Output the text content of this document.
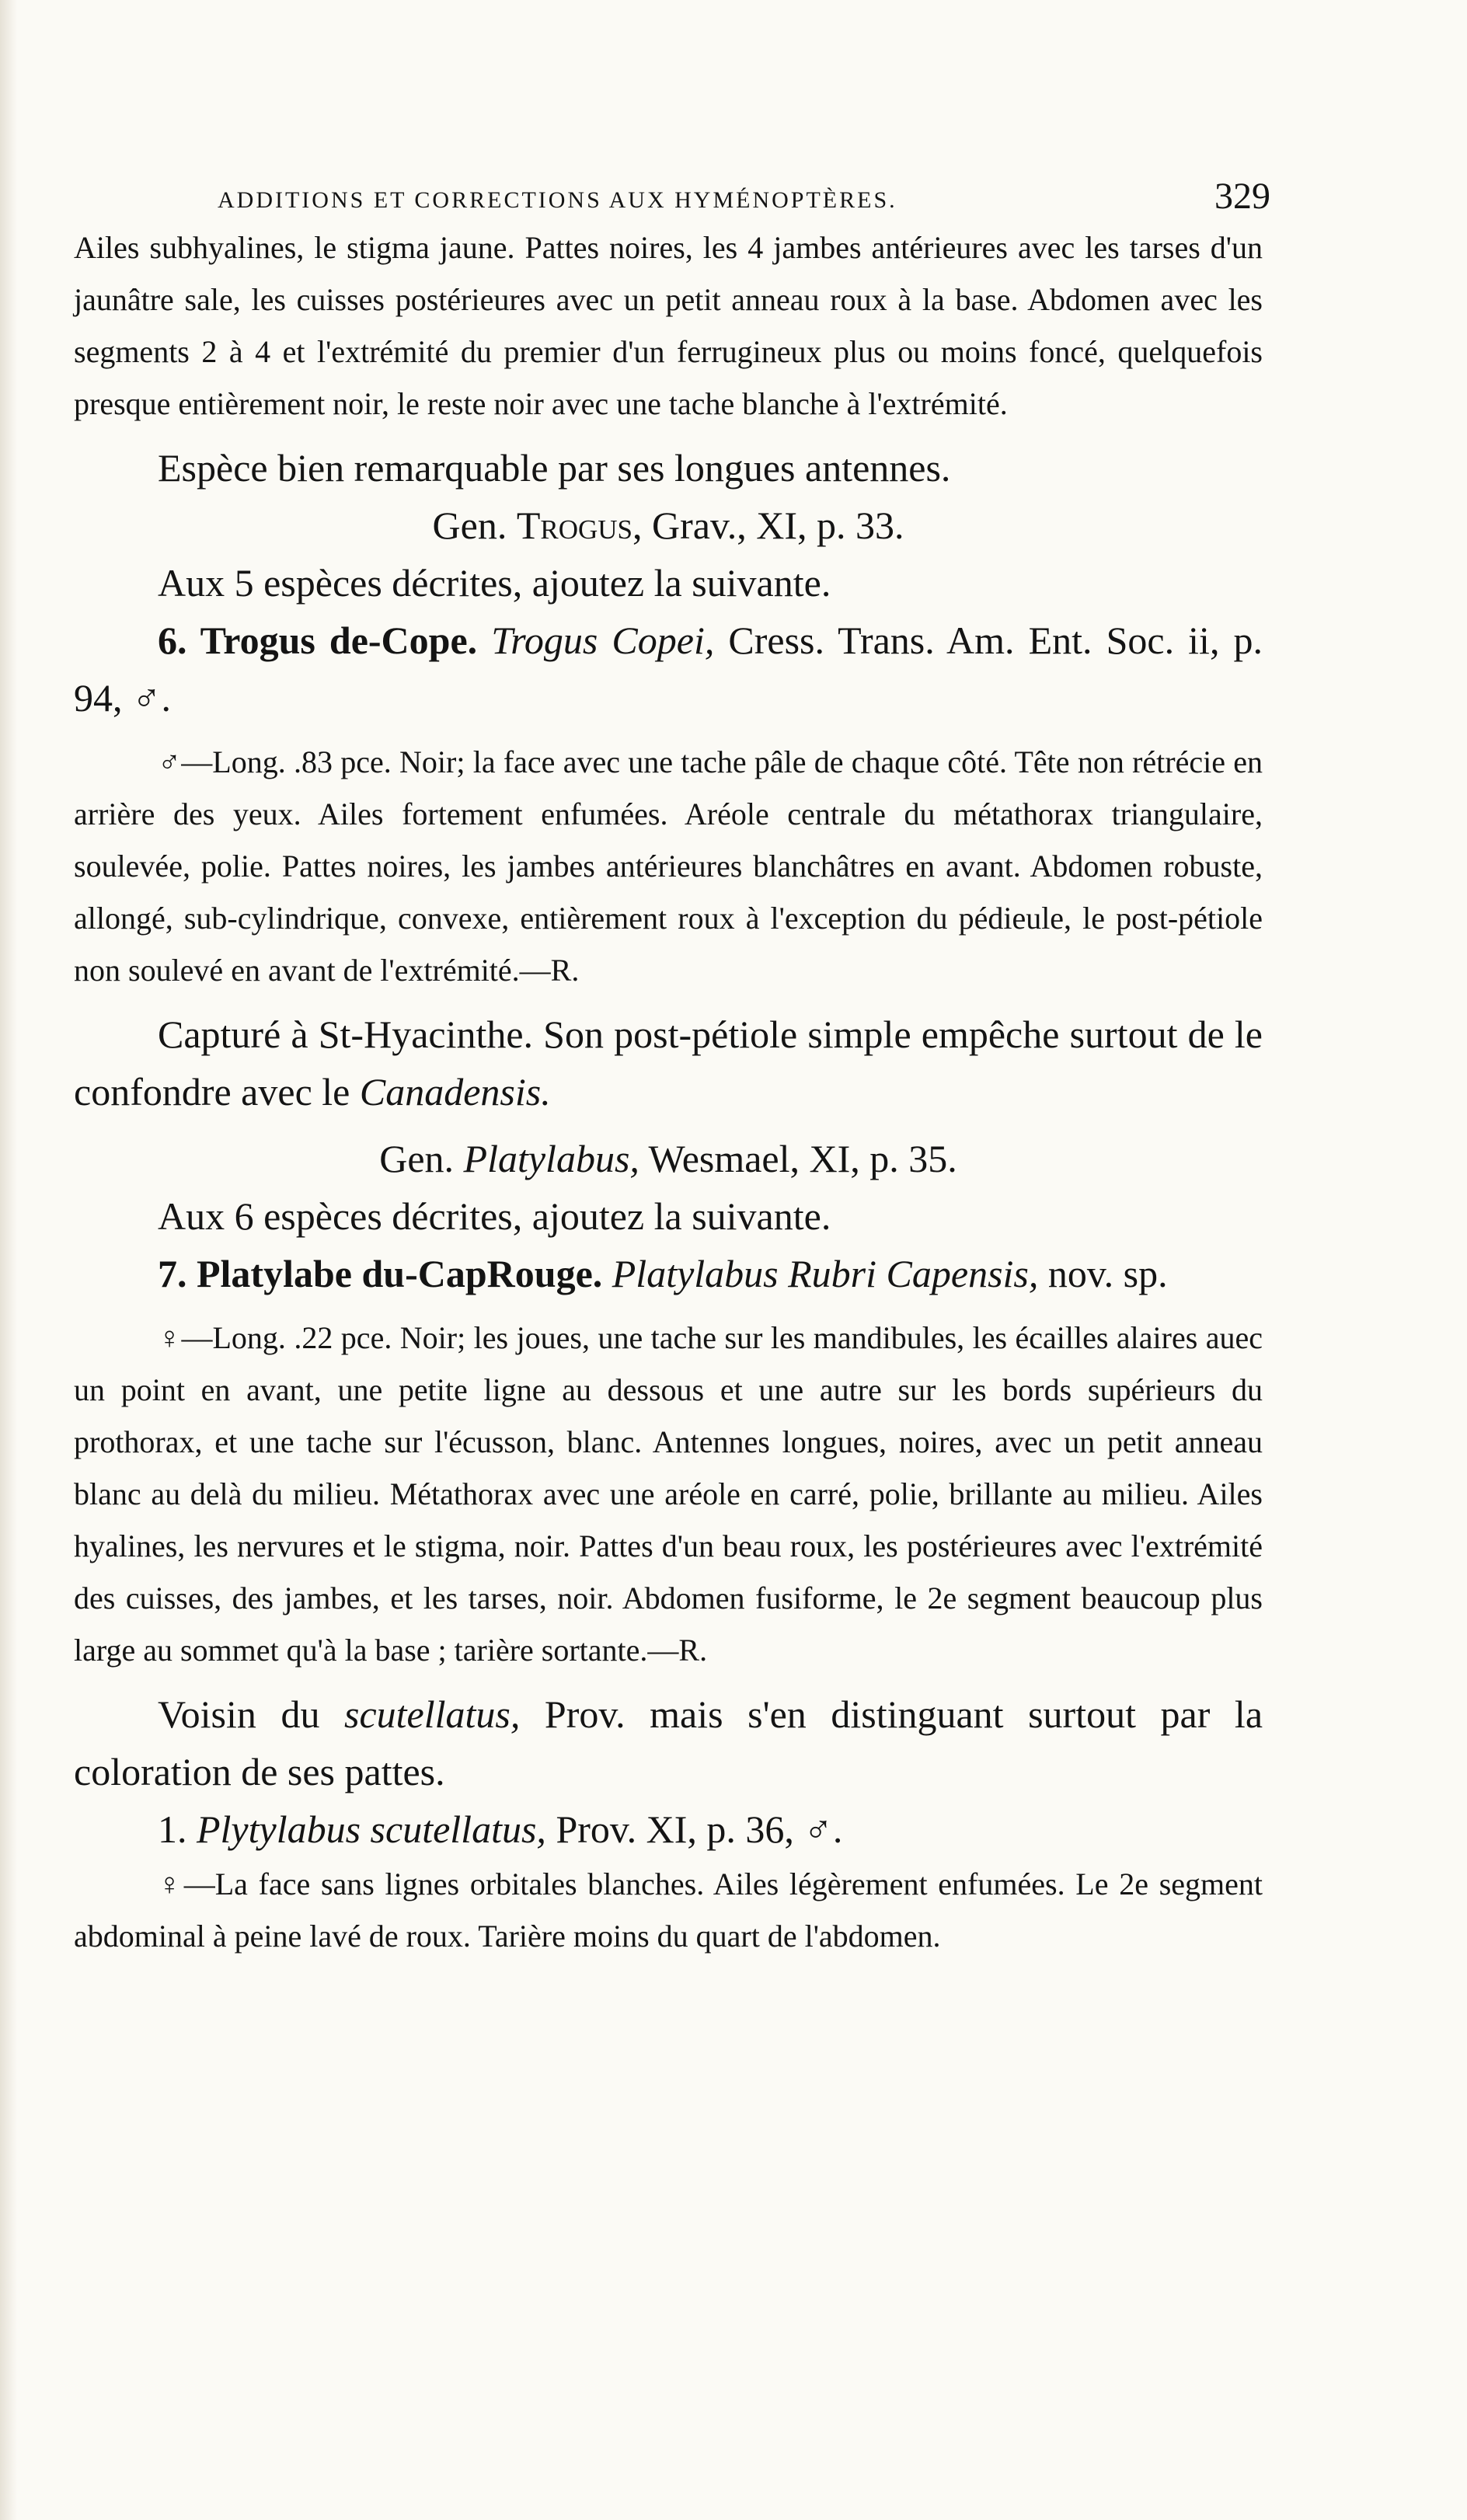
ADDITIONS ET CORRECTIONS AUX HYMÉNOPTÈRES.	329

Ailes subhyalines, le stigma jaune. Pattes noires, les 4 jambes antérieures avec les tarses d'un jaunâtre sale, les cuisses postérieures avec un petit anneau roux à la base. Abdomen avec les segments 2 à 4 et l'extrémité du premier d'un ferrugineux plus ou moins foncé, quelquefois presque entièrement noir, le reste noir avec une tache blanche à l'extrémité.

Espèce bien remarquable par ses longues antennes.

Gen. Trogus, Grav., XI, p. 33.

Aux 5 espèces décrites, ajoutez la suivante.

6. Trogus de-Cope. Trogus Copei, Cress. Trans. Am. Ent. Soc. ii, p. 94, ♂.

♂—Long. .83 pce. Noir; la face avec une tache pâle de chaque côté. Tête non rétrécie en arrière des yeux. Ailes fortement enfumées. Aréole centrale du métathorax triangulaire, soulevée, polie. Pattes noires, les jambes antérieures blanchâtres en avant. Abdomen robuste, allongé, sub-cylindrique, convexe, entièrement roux à l'exception du pédieule, le post-pétiole non soulevé en avant de l'extrémité.—R.

Capturé à St-Hyacinthe. Son post-pétiole simple empêche surtout de le confondre avec le Canadensis.

Gen. Platylabus, Wesmael, XI, p. 35.

Aux 6 espèces décrites, ajoutez la suivante.

7. Platylabe du-CapRouge. Platylabus Rubri Capensis, nov. sp.

♀—Long. .22 pce. Noir; les joues, une tache sur les mandibules, les écailles alaires auec un point en avant, une petite ligne au dessous et une autre sur les bords supérieurs du prothorax, et une tache sur l'écusson, blanc. Antennes longues, noires, avec un petit anneau blanc au delà du milieu. Métathorax avec une aréole en carré, polie, brillante au milieu. Ailes hyalines, les nervures et le stigma, noir. Pattes d'un beau roux, les postérieures avec l'extrémité des cuisses, des jambes, et les tarses, noir. Abdomen fusiforme, le 2e segment beaucoup plus large au sommet qu'à la base ; tarière sortante.—R.

Voisin du scutellatus, Prov. mais s'en distinguant surtout par la coloration de ses pattes.

1. Plytylabus scutellatus, Prov. XI, p. 36, ♂.

♀—La face sans lignes orbitales blanches. Ailes légèrement enfumées. Le 2e segment abdominal à peine lavé de roux. Tarière moins du quart de l'abdomen.
